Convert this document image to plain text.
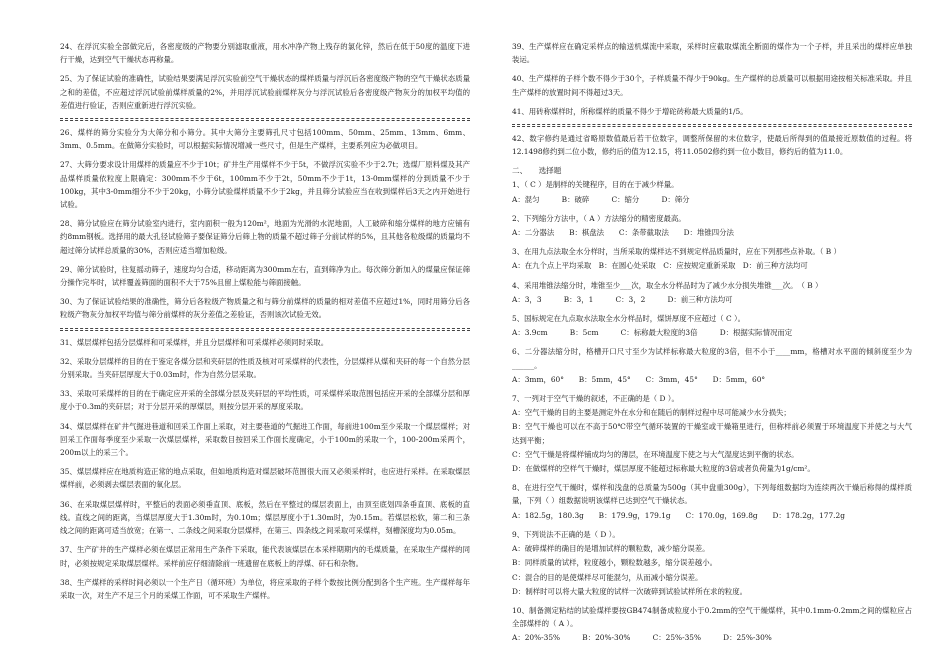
24、在浮沉实验全部做完后，各密度级的产物要分别滤取重液，用水冲净产物上残存的氯化锌，然后在低于50度的温度下进行干燥，达到空气干燥状态再称量。

25、为了保证试验的准确性，试验结果要满足浮沉实验前空气干燥状态的煤样质量与浮沉后各密度级产物的空气干燥状态质量之和的差值，不应超过浮沉试验前煤样质量的2%，并用浮沉试验前煤样灰分与浮沉试验后各密度级产物灰分的加权平均值的差值进行验证，否则应重新进行浮沉实验。

26、煤样的筛分实验分为大筛分和小筛分。其中大筛分主要筛孔尺寸包括100mm、50mm、25mm、13mm、6mm、3mm、0.5mm。在做筛分实验时，可以根据实际情况增减一些尺寸，但是生产煤样，主要系列应为必做项目。

27、大筛分要求设计用煤样的质量应不少于10t；矿井生产用煤样不少于5t，不做浮沉实验不少于2.7t；选煤厂原料煤及其产品煤样质量依粒度上限确定：300mm不少于6t，100mm不少于2t，50mm不少于1t，13-0mm煤样的分到质量不少于100kg，其中3-0mm细分不少于20kg，小筛分试验煤样质量不少于2kg，并且筛分试验应当在收到煤样后3天之内开始进行试验。

28、筛分试验应在筛分试验室内进行，室内面积一般为120m²，地面为光滑的水泥地面，人工破碎和缩分煤样的地方应铺有约8mm钢板。选择用的最大孔径试验筛子要保证筛分后筛上物的质量不超过筛子分前试样的5%，且其他各粒级煤的质量均不超过筛分试样总质量的30%，否则应适当增加粒级。

29、筛分试验时，往复摇动筛子，速度均匀合适，移动距离为300mm左右，直到筛净为止。每次筛分新加入的煤量应保证筛分操作完毕时，试样覆盖筛面的面积不大于75%且留上煤粒能与筛面接触。

30、为了保证试验结果的准确性，筛分后各粒级产物质量之和与筛分前煤样的质量的相对差值不应超过1%，同时用筛分后各粒级产物灰分加权平均值与筛分前煤样的灰分差值之差验证，否则该次试验无效。

31、煤层煤样包括分层煤样和可采煤样，并且分层煤样和可采煤样必须同时采取。

32、采取分层煤样的目的在于鉴定各煤分层和夹矸层的性质及核对可采煤样的代表性，分层煤样从煤和夹矸的每一个自然分层分别采取。当夹矸层厚度大于0.03m时，作为自然分层采取。

33、采取可采煤样的目的在于确定应开采的全部煤分层及夹矸层的平均性质，可采煤样采取范围包括应开采的全部煤分层和厚度小于0.3m的夹矸层；对于分层开采的厚煤层，则按分层开采的厚度采取。

34、煤层煤样在矿井气掘进巷道和回采工作面上采取，对主要巷道的气掘进工作面，每前进100m至少采取一个煤层煤样；对回采工作面每季度至少采取一次煤层煤样，采取数目按回采工作面长度确定，小于100m的采取一个，100-200m采两个，200m以上的采三个。

35、煤层煤样应在地质构造正常的地点采取，但如地质构造对煤层破坏范围很大而又必须采样时，也应进行采样。在采取煤层煤样前，必须剥去煤层表面的氧化层。

36、在采取煤层煤样时，平整后的表面必须垂直顶、底板，然后在平整过的煤层表面上，由顶至底划四条垂直顶、底板的直线。直线之间的距离，当煤层厚度大于1.30m时，为0.10m；煤层厚度小于1.30m时，为0.15m。若煤层松软，第二和三条线之间的距离可适当放宽；在第一、二条线之间采取分层煤样，在第三、四条线之间采取可采煤样，刻槽深度均为0.05m。

37、生产矿井的生产煤样必须在煤层正常用生产条件下采取，能代表该煤层在本采样期期内的毛煤质量，在采取生产煤样的同时，必须按规定采取煤层煤样。采样前应仔细清除前一班遗留在底板上的浮煤、矸石和杂物。

38、生产煤样的采样时间必须以一个生产日（循环班）为单位，将应采取的子样个数按比例分配到各个生产班。生产煤样每年采取一次，对生产不足三个月的采煤工作面，可不采取生产煤样。

39、生产煤样应在确定采样点的输送机煤流中采取，采样时应截取煤流全断面的煤作为一个子样，并且采出的煤样应单独装运。

40、生产煤样的子样个数不得少于30个，子样质量不得少于90kg。生产煤样的总质量可以根据用途按相关标准采取。并且生产煤样的放置时间不得超过3天。

41、用砖称煤样时，所称煤样的质量不得少于增砣砖称最大质量的1/5。

42、数字修约是通过省略原数值最后若干位数字，调整所保留的末位数字，使最后所得到的值最接近原数值的过程。将12.1498修约到二位小数，修约后的值为12.15，将11.0502修约到一位小数目，修约后的值为11.0。

二、　　选择题

1、（ C ）是制样的关键程序，目的在于减少样量。

A：混匀　　　B：破碎　　　C：缩分　　　D：筛分

2、下列缩分方法中，（ A ）方法缩分的精密度最高。

A：二分器法　　B：棋盘法　　C：条带截取法　　D：堆锥四分法

3、在用九点法取全水分样时，当所采取的煤样达不到规定样品质量时，应在下列那些点补取。（ B ）

A：在九个点上平均采取　B：在圆心处采取　C：应按规定重新采取　D：前三种方法均可

4、采用堆锥法缩分时，堆锥至少___次，取全水分样品时为了减少水分损失堆锥___次。　（ B ）

A：3，3　　　B：3，1　　　C：3，2　　　D：前三种方法均可

5、国标规定在九点取水法取全水分样品时，煤饼厚度不应超过（ C ）。

A：3.9cm　　　B：5cm　　　C：标称最大粒度的3倍　　　D：根据实际情况而定

6、二分器法缩分时，格槽开口尺寸至少为试样标称最大粒度的3倍，但不小于____mm，格槽对水平面的倾斜度至少为______。

A：3mm，60°　　B：5mm，45°　　C：3mm，45°　　D：5mm，60°

7、一列对于空气干燥的叙述，不正确的是（ D ）。

A：空气干燥的目的主要是测定外在水分和在随后的制样过程中尽可能减少水分损失；

B：空气干燥也可以在不高于50℃带空气循环装置的干燥室或干燥箱里进行，但称样前必须置于环境温度下并使之与大气达到平衡；

C：空气干燥是将煤样铺成均匀的薄层，在环境温度下使之与大气湿度达到平衡的状态。

D：在做煤样的空样气干燥时，煤层厚度不能超过标称最大粒度的3倍或者负荷量为1g/cm²。

8、在进行空气干燥时，煤样和浅盘的总质量为500g（其中盘重300g），下列每组数据均为连续两次干燥后称得的煤样质量，下列（ ）组数据说明该煤样已达到空气干燥状态。

A：182.5g，180.3g　　B：179.9g，179.1g　　C：170.0g，169.8g　　D：178.2g，177.2g

9、下列说法不正确的是（ D ）。

A：破碎煤样的确目的是增加试样的颗粒数，减少缩分误差。

B：同样质量的试样，粒度越小，颗粒数越多，缩分误差越小。

C：混合的目的是使煤样尽可能混匀，从而减小缩分误差。

D：制样时可以将大量大粒度的试样一次破碎到试验试样所在求的粒度。

10、制备测定粘结的试验煤样要按GB474制备成粒度小于0.2mm的空气干燥煤样，其中0.1mm-0.2mm之间的煤粒应占全部煤样的（ A ）。

A：20%-35%　　　B：20%-30%　　　C：25%-35%　　　D：25%-30%
